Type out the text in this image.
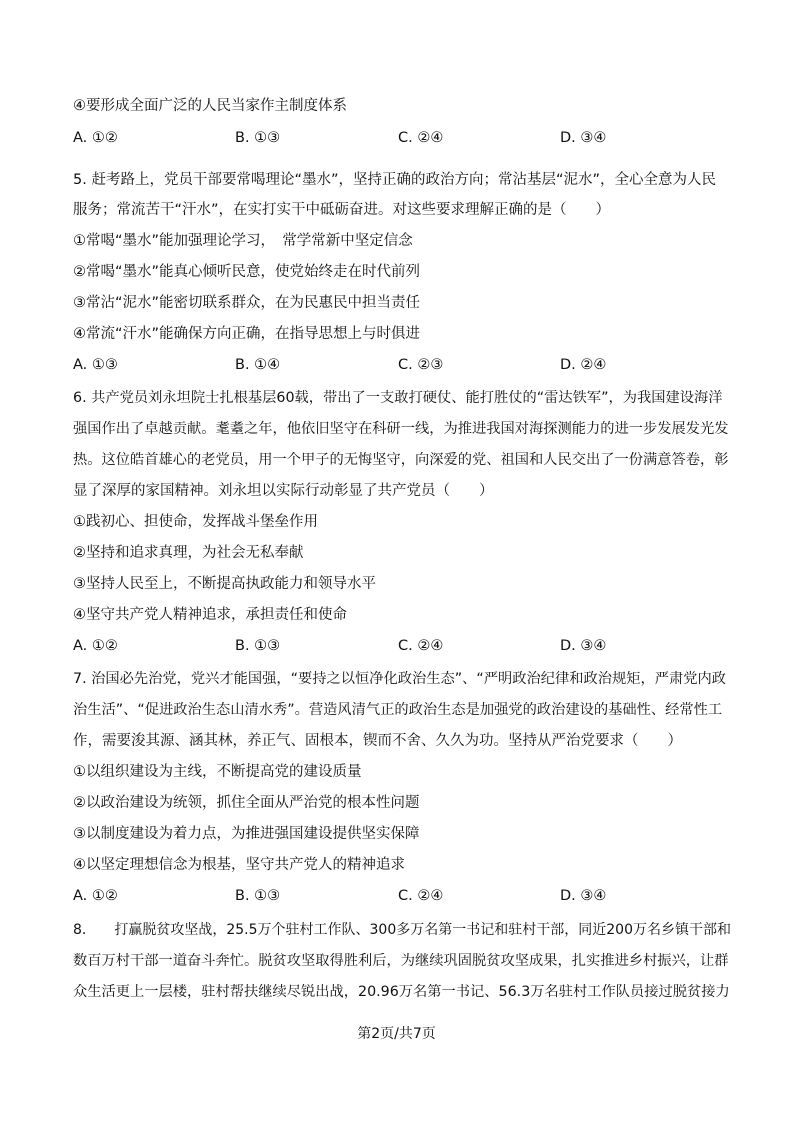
④要形成全面广泛的人民当家作主制度体系
A. ①②	B. ①③	C. ②④	D. ③④
5. 赶考路上，党员干部要常喝理论“墨水”，坚持正确的政治方向；常沾基层“泥水”，全心全意为人民
服务；常流苦干“汗水”，在实打实干中砥砺奋进。对这些要求理解正确的是（　　）
①常喝“墨水”能加强理论学习，　常学常新中坚定信念
②常喝“墨水”能真心倾听民意，使党始终走在时代前列
③常沾“泥水”能密切联系群众，在为民惠民中担当责任
④常流“汗水”能确保方向正确，在指导思想上与时俱进
A. ①③	B. ①④	C. ②③	D. ②④
6. 共产党员刘永坦院士扎根基层60载，带出了一支敢打硬仗、能打胜仗的“雷达铁军”，为我国建设海洋
强国作出了卓越贡献。耄耋之年，他依旧坚守在科研一线，为推进我国对海探测能力的进一步发展发光发
热。这位皓首雄心的老党员，用一个甲子的无悔坚守，向深爱的党、祖国和人民交出了一份满意答卷，彰
显了深厚的家国精神。刘永坦以实际行动彰显了共产党员（　　）
①践初心、担使命，发挥战斗堡垒作用
②坚持和追求真理，为社会无私奉献
③坚持人民至上，不断提高执政能力和领导水平
④坚守共产党人精神追求，承担责任和使命
A. ①②	B. ①③	C. ②④	D. ③④
7. 治国必先治党，党兴才能国强，“要持之以恒净化政治生态”、“严明政治纪律和政治规矩，严肃党内政
治生活”、“促进政治生态山清水秀”。营造风清气正的政治生态是加强党的政治建设的基础性、经常性工
作，需要浚其源、涵其林，养正气、固根本，锲而不舍、久久为功。坚持从严治党要求（　　）
①以组织建设为主线，不断提高党的建设质量
②以政治建设为统领，抓住全面从严治党的根本性问题
③以制度建设为着力点，为推进强国建设提供坚实保障
④以坚定理想信念为根基，坚守共产党人的精神追求
A. ①②	B. ①③	C. ②④	D. ③④
8.　　打赢脱贫攻坚战，25.5万个驻村工作队、300多万名第一书记和驻村干部，同近200万名乡镇干部和
数百万村干部一道奋斗奔忙。脱贫攻坚取得胜利后，为继续巩固脱贫攻坚成果，扎实推进乡村振兴，让群
众生活更上一层楼，驻村帮扶继续尽锐出战，20.96万名第一书记、56.3万名驻村工作队员接过脱贫接力
第2页/共7页
